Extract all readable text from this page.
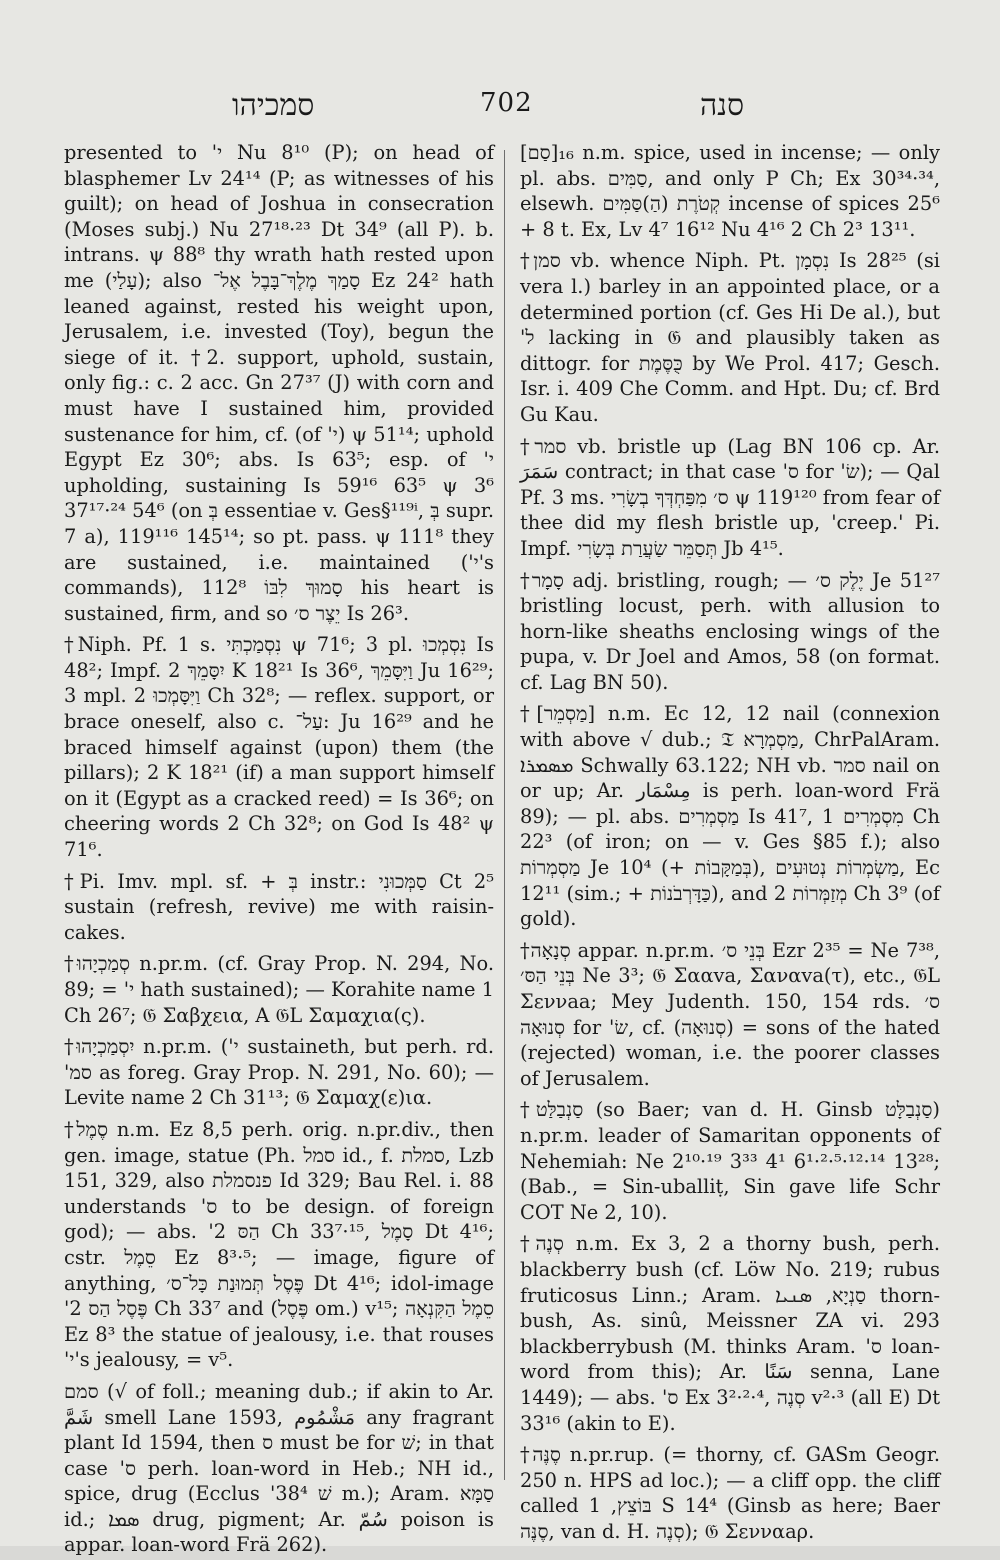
סמכיהו	702	סנה

presented to 'י Nu 8¹⁰ (P); on head of blasphemer Lv 24¹⁴ (P; as witnesses of his guilt); on head of Joshua in consecration (Moses subj.) Nu 27¹⁸·²³ Dt 34⁹ (all P). b. intrans. ψ 88⁸ thy wrath hath rested upon me (עָלַי); also סָמַךְ מֶלֶךְ־בָּבֶל אֶל־ Ez 24² hath leaned against, rested his weight upon, Jerusalem, i.e. invested (Toy), begun the siege of it. †2. support, uphold, sustain, only fig.: c. 2 acc. Gn 27³⁷ (J) with corn and must have I sustained him, provided sustenance for him, cf. (of 'י) ψ 51¹⁴; uphold Egypt Ez 30⁶; abs. Is 63⁵; esp. of 'י upholding, sustaining Is 59¹⁶ 63⁵ ψ 3⁶ 37¹⁷·²⁴ 54⁶ (on בְּ essentiae v. Ges§¹¹⁹ⁱ, בְּ supr. 7 a), 119¹¹⁶ 145¹⁴; so pt. pass. ψ 111⁸ they are sustained, i.e. maintained ('י's commands), סָמוּךְ לִבּוֹ 112⁸ his heart is sustained, firm, and so יֵצֶר ס׳ Is 26³.

†Niph. Pf. 1 s. נִסְמַכְתִּי ψ 71⁶; 3 pl. נִסְמְכוּ Is 48²; Impf. יִסָּמֵךְ 2 K 18²¹ Is 36⁶, וַיִּסָּמֵךְ Ju 16²⁹; 3 mpl. וַיִּסָּמְכוּ 2 Ch 32⁸; — reflex. support, or brace oneself, also c. עַל־: Ju 16²⁹ and he braced himself against (upon) them (the pillars); 2 K 18²¹ (if) a man support himself on it (Egypt as a cracked reed) = Is 36⁶; on cheering words 2 Ch 32⁸; on God Is 48² ψ 71⁶.

†Pi. Imv. mpl. sf. + בְּ instr.: סַמְּכוּנִי Ct 2⁵ sustain (refresh, revive) me with raisin-cakes.

†סְמַכְיָהוּ n.pr.m. (cf. Gray Prop. N. 294, No. 89; = 'י hath sustained); — Korahite name 1 Ch 26⁷; 𝔊 Σαβχεια, A 𝔊L Σαμαχια(ς).

†יִסְמַכְיָהוּ n.pr.m. ('י sustaineth, but perh. rd. 'סמ as foreg. Gray Prop. N. 291, No. 60); — Levite name 2 Ch 31¹³; 𝔊 Σαμαχ(ε)ια.

†סֶמֶל n.m. Ez 8,5 perh. orig. n.pr.div., then gen. image, statue (Ph. סמל id., f. סמלת, Lzb 151, 329, also פנסמלת Id 329; Bau Rel. i. 88 understands 'ס to be design. of foreign god); — abs. 'הַסּ 2 Ch 33⁷·¹⁵, סָמֶל Dt 4¹⁶; cstr. סֵמֶל Ez 8³·⁵; — image, figure of anything, פֶּסֶל תְּמוּנַת כָּל־ס׳ Dt 4¹⁶; idol-image 'פֶּסֶל הַס 2 Ch 33⁷ and (פֶּסֶל om.) v¹⁵; סֵמֶל הַקִּנְאָה Ez 8³ the statue of jealousy, i.e. that rouses 'י's jealousy, = v⁵.

סמם (√ of foll.; meaning dub.; if akin to Ar. شَمَّ smell Lane 1593, مَشْمُوم any fragrant plant Id 1594, then ס must be for שׁ; in that case 'ס perh. loan-word in Heb.; NH id., spice, drug (Ecclus 'שׁ 38⁴ m.); Aram. סַמָּא id.; ܣܡܐ drug, pigment; Ar. سُمّ poison is appar. loan-word Frä 262).

[סַם]₁₆ n.m. spice, used in incense; — only pl. abs. סַמִּים, and only P Ch; Ex 30³⁴·³⁴, elsewh. קְטֹרֶת (הַ)סַּמִּים incense of spices 25⁶ + 8 t. Ex, Lv 4⁷ 16¹² Nu 4¹⁶ 2 Ch 2³ 13¹¹.

†סמן vb. whence Niph. Pt. נִסְמָן Is 28²⁵ (si vera l.) barley in an appointed place, or a determined portion (cf. Ges Hi De al.), but 'ל lacking in 𝔊 and plausibly taken as dittogr. for כֻּסֶּמֶת by We Prol. 417; Gesch. Isr. i. 409 Che Comm. and Hpt. Du; cf. Brd Gu Kau.

†סמר vb. bristle up (Lag BN 106 cp. Ar. سَمَرَ contract; in that case 'ס for 'שׂ); — Qal Pf. 3 ms. ס׳ מִפַּחְדְּךָ בְשָׂרִי ψ 119¹²⁰ from fear of thee did my flesh bristle up, 'creep.' Pi. Impf. תְּסַמֵּר שַׂעֲרַת בְּשָׂרִי Jb 4¹⁵.

†סָמָר adj. bristling, rough; — יֶלֶק ס׳ Je 51²⁷ bristling locust, perh. with allusion to horn-like sheaths enclosing wings of the pupa, v. Dr Joel and Amos, 58 (on format. cf. Lag BN 50).

†[מַסְמֵר] n.m. Ec 12, 12 nail (connexion with above √ dub.; 𝔗 מַסְמְרָא, ChrPalAram. ܡܣܡܪܐ Schwally 63.122; NH vb. סמר nail on or up; Ar. مِسْمَار is perh. loan-word Frä 89); — pl. abs. מַסְמְרִים Is 41⁷, מִסְמְרִים 1 Ch 22³ (of iron; on — v. Ges §85 f.); also מַסְמְרוֹת Je 10⁴ (+ בְּמַקָּבוֹת), מַשְׂמְרוֹת נְטוּעִים, Ec 12¹¹ (sim.; + כַּדָּרְבֹנוֹת), and מְזַמְּרוֹת 2 Ch 3⁹ (of gold).

†סְנָאָה appar. n.pr.m. בְּנֵי ס׳ Ezr 2³⁵ = Ne 7³⁸, בְּנֵי הַסּ׳ Ne 3³; 𝔊 Σααva, Σαναva(τ), etc., 𝔊L Σεννaa; Mey Judenth. 150, 154 rds. ס׳ סְנוּאָה for 'שׂ, cf. (סְנוּאָה) = sons of the hated (rejected) woman, i.e. the poorer classes of Jerusalem.

†סַנְבַלַּט (so Baer; van d. H. Ginsb סַנְבַלָּט) n.pr.m. leader of Samaritan opponents of Nehemiah: Ne 2¹⁰·¹⁹ 3³³ 4¹ 6¹·²·⁵·¹²·¹⁴ 13²⁸; (Bab., = Sin-uballiṭ, Sin gave life Schr COT Ne 2, 10).

†סְנֶה n.m. Ex 3, 2 a thorny bush, perh. blackberry bush (cf. Löw No. 219; rubus fruticosus Linn.; Aram. סַנְיָא, ܣܢܝܐ thorn-bush, As. sinû, Meissner ZA vi. 293 blackberrybush (M. thinks Aram. 'ס loan-word from this); Ar. سَنًا senna, Lane 1449); — abs. 'ס Ex 3²·²·⁴, סְנֶה v²·³ (all E) Dt 33¹⁶ (akin to E).

†סֶנֶּה n.pr.rup. (= thorny, cf. GASm Geogr. 250 n. HPS ad loc.); — a cliff opp. the cliff called בּוֹצֵץ, 1 S 14⁴ (Ginsb as here; Baer סֶנֶּה, van d. H. סְנֶה); 𝔊 Σενναaρ.
